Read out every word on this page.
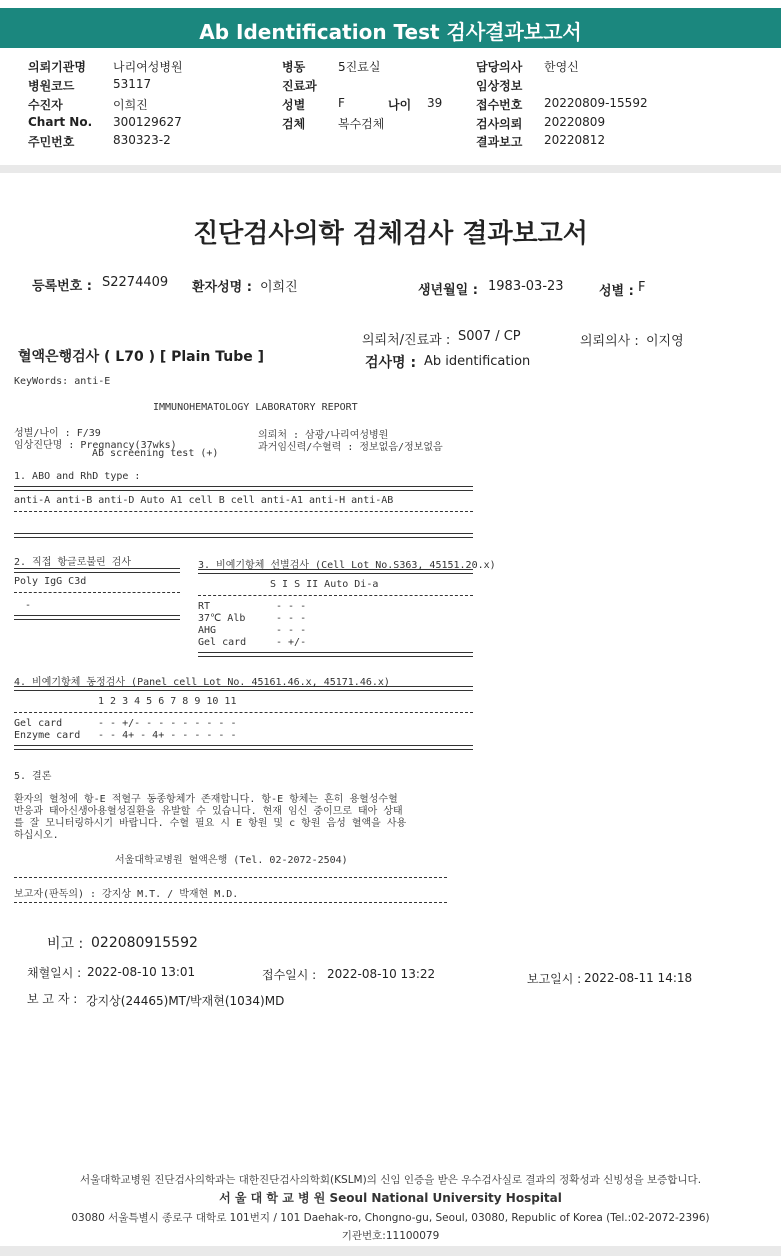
Ab Identification Test 검사결과보고서
의뢰기관명 나리여성병원
병원코드	53117
수진자	이희진
Chart No. 300129627
주민번호	830323-2
병동	5진료실
진료과
성별	F	나이 39
검체	복수검체
담당의사 한영신
임상정보
접수번호 20220809-15592
검사의뢰 20220809
결과보고 20220812
진단검사의학 검체검사 결과보고서
등록번호 : S2274409 환자성명 : 이희진	생년월일 : 1983-03-23	성별 : F
의뢰처/진료과 : S007 / CP	의뢰의사 : 이지영
혈액은행검사 ( L70 ) [ Plain Tube ]	검사명 : Ab identification
KeyWords: anti-E
IMMUNOHEMATOLOGY LABORATORY REPORT
성별/나이 : F/39
임상진단명 : Pregnancy(37wks)
Ab screening test (+)
의뢰처 : 삼광/나리여성병원
과거임신력/수혈력 : 정보없음/정보없음
1. ABO and RhD type :
anti-A anti-B anti-D Auto A1 cell B cell anti-A1 anti-H anti-AB
2. 직접 항글로불린 검사
Poly IgG C3d
-
3. 비예기항체 선별검사 (Cell Lot No.S363, 45151.20.x)
S I S II Auto Di-a
RT	- - -
37℃ Alb	- - -
AHG	- - -
Gel card	- +/-
4. 비예기항체 동정검사 (Panel cell Lot No. 45161.46.x, 45171.46.x)
1 2 3 4 5 6 7 8 9 10 11
Gel card	- - +/- - - - - - - - -
Enzyme card - - 4+ - 4+ - - - - - -
5. 결론
환자의 혈청에 항-E 적혈구 동종항체가 존재합니다. 항-E 항체는 흔히 용혈성수혈
반응과 태아신생아용혈성질환을 유발할 수 있습니다. 현재 임신 중이므로 태아 상태
를 잘 모니터링하시기 바랍니다. 수혈 필요 시 E 항원 및 c 항원 음성 혈액을 사용
하십시오.
서울대학교병원 혈액은행 (Tel. 02-2072-2504)
보고자(판독의) : 강지상 M.T. / 박재현 M.D.
비고 : 022080915592
채혈일시 : 2022-08-10 13:01	접수일시 : 2022-08-10 13:22	보고일시 : 2022-08-11 14:18
보 고 자 : 강지상(24465)MT/박재현(1034)MD
서울대학교병원 진단검사의학과는 대한진단검사의학회(KSLM)의 신임 인증을 받은 우수검사실로 결과의 정확성과 신빙성을 보증합니다.
서 울 대 학 교 병 원 Seoul National University Hospital
03080 서울특별시 종로구 대학로 101번지 / 101 Daehak-ro, Chongno-gu, Seoul, 03080, Republic of Korea (Tel.:02-2072-2396)
기관번호:11100079
